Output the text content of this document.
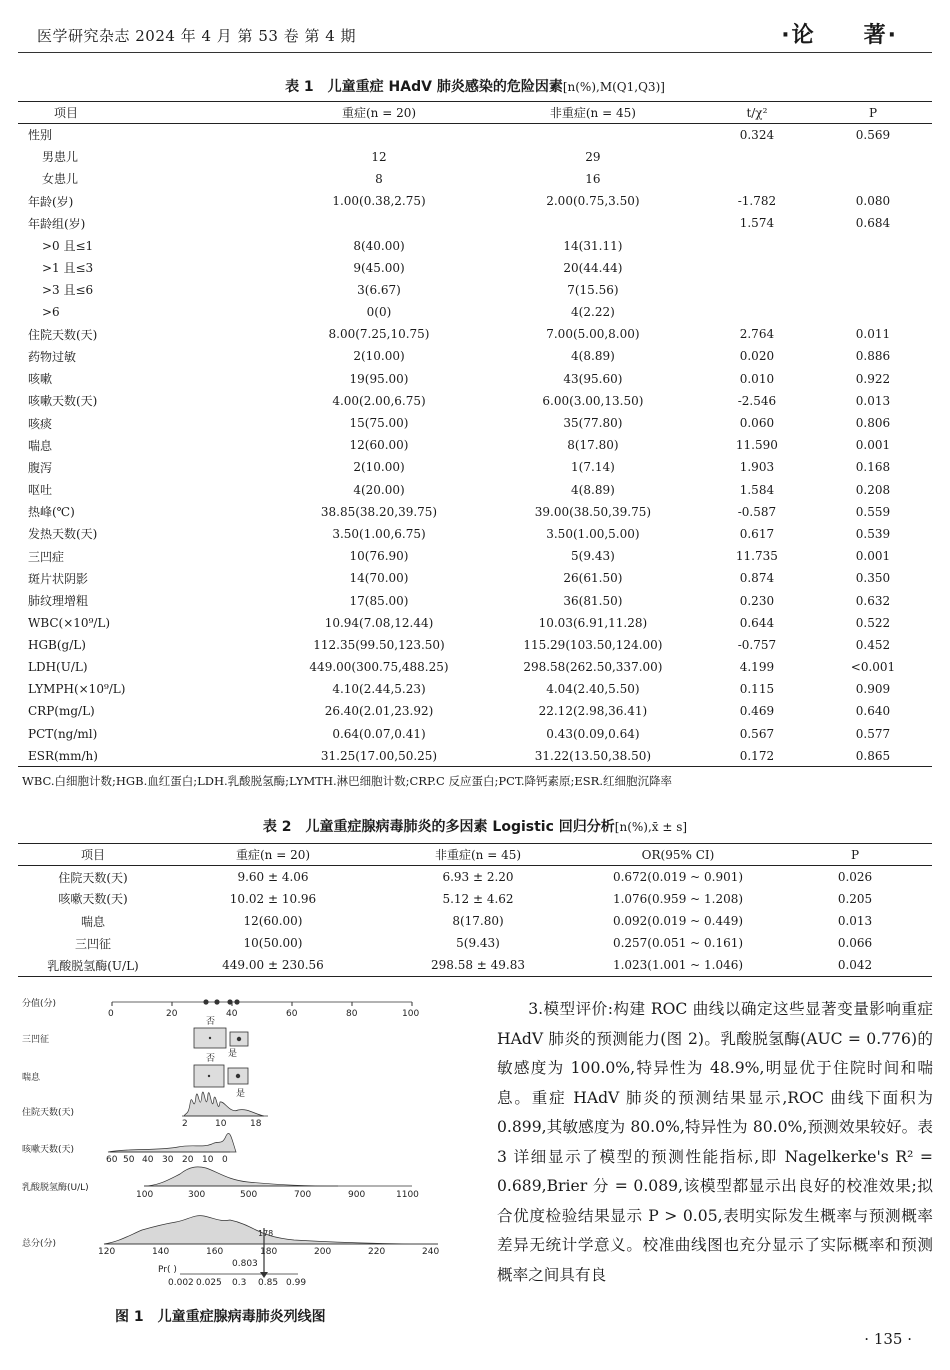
医学研究杂志 2024 年 4 月 第 53 卷 第 4 期	·论　　著·
表 1　儿童重症 HAdV 肺炎感染的危险因素[n(%),M(Q1,Q3)]
项目	重症(n = 20)	非重症(n = 45)	t/χ²	P
性别			0.324	0.569
男患儿	12	29		
女患儿	8	16		
年龄(岁)	1.00(0.38,2.75)	2.00(0.75,3.50)	-1.782	0.080
年龄组(岁)			1.574	0.684
>0 且≤1	8(40.00)	14(31.11)		
>1 且≤3	9(45.00)	20(44.44)		
>3 且≤6	3(6.67)	7(15.56)		
>6	0(0)	4(2.22)		
住院天数(天)	8.00(7.25,10.75)	7.00(5.00,8.00)	2.764	0.011
药物过敏	2(10.00)	4(8.89)	0.020	0.886
咳嗽	19(95.00)	43(95.60)	0.010	0.922
咳嗽天数(天)	4.00(2.00,6.75)	6.00(3.00,13.50)	-2.546	0.013
咳痰	15(75.00)	35(77.80)	0.060	0.806
喘息	12(60.00)	8(17.80)	11.590	0.001
腹泻	2(10.00)	1(7.14)	1.903	0.168
呕吐	4(20.00)	4(8.89)	1.584	0.208
热峰(℃)	38.85(38.20,39.75)	39.00(38.50,39.75)	-0.587	0.559
发热天数(天)	3.50(1.00,6.75)	3.50(1.00,5.00)	0.617	0.539
三凹症	10(76.90)	5(9.43)	11.735	0.001
斑片状阴影	14(70.00)	26(61.50)	0.874	0.350
肺纹理增粗	17(85.00)	36(81.50)	0.230	0.632
WBC(×10⁹/L)	10.94(7.08,12.44)	10.03(6.91,11.28)	0.644	0.522
HGB(g/L)	112.35(99.50,123.50)	115.29(103.50,124.00)	-0.757	0.452
LDH(U/L)	449.00(300.75,488.25)	298.58(262.50,337.00)	4.199	<0.001
LYMPH(×10⁹/L)	4.10(2.44,5.23)	4.04(2.40,5.50)	0.115	0.909
CRP(mg/L)	26.40(2.01,23.92)	22.12(2.98,36.41)	0.469	0.640
PCT(ng/ml)	0.64(0.07,0.41)	0.43(0.09,0.64)	0.567	0.577
ESR(mm/h)	31.25(17.00,50.25)	31.22(13.50,38.50)	0.172	0.865
WBC.白细胞计数;HGB.血红蛋白;LDH.乳酸脱氢酶;LYMTH.淋巴细胞计数;CRP.C 反应蛋白;PCT.降钙素原;ESR.红细胞沉降率
表 2　儿童重症腺病毒肺炎的多因素 Logistic 回归分析[n(%),x̄ ± s]
项目	重症(n = 20)	非重症(n = 45)	OR(95% CI)	P
住院天数(天)	9.60 ± 4.06	6.93 ± 2.20	0.672(0.019 ~ 0.901)	0.026
咳嗽天数(天)	10.02 ± 10.96	5.12 ± 4.62	1.076(0.959 ~ 1.208)	0.205
喘息	12(60.00)	8(17.80)	0.092(0.019 ~ 0.449)	0.013
三凹征	10(50.00)	5(9.43)	0.257(0.051 ~ 0.161)	0.066
乳酸脱氢酶(U/L)	449.00 ± 230.56	298.58 ± 49.83	1.023(1.001 ~ 1.046)	0.042
分值(分)
0	20	40	60	80	100
三凹征
否
是
喘息
否
是
住院天数(天)
2	10	18
咳嗽天数(天)
60 50 40 30 20 10 0
乳酸脱氢酶(U/L)
100	300	500	700	900	1100
总分(分)
120	140	160	180	200	220	240
178
Pr( )
0.803
0.002 0.025 0.3 0.85 0.99
图 1　儿童重症腺病毒肺炎列线图
3.模型评价:构建 ROC 曲线以确定这些显著变量影响重症 HAdV 肺炎的预测能力(图 2)。乳酸脱氢酶(AUC = 0.776)的敏感度为 100.0%,特异性为 48.9%,明显优于住院时间和喘息。重症 HAdV 肺炎的预测结果显示,ROC 曲线下面积为 0.899,其敏感度为 80.0%,特异性为 80.0%,预测效果较好。表 3 详细显示了模型的预测性能指标,即 Nagelkerke's R² = 0.689,Brier 分 = 0.089,该模型都显示出良好的校准效果;拟合优度检验结果显示 P > 0.05,表明实际发生概率与预测概率差异无统计学意义。校准曲线图也充分显示了实际概率和预测概率之间具有良
· 135 ·
